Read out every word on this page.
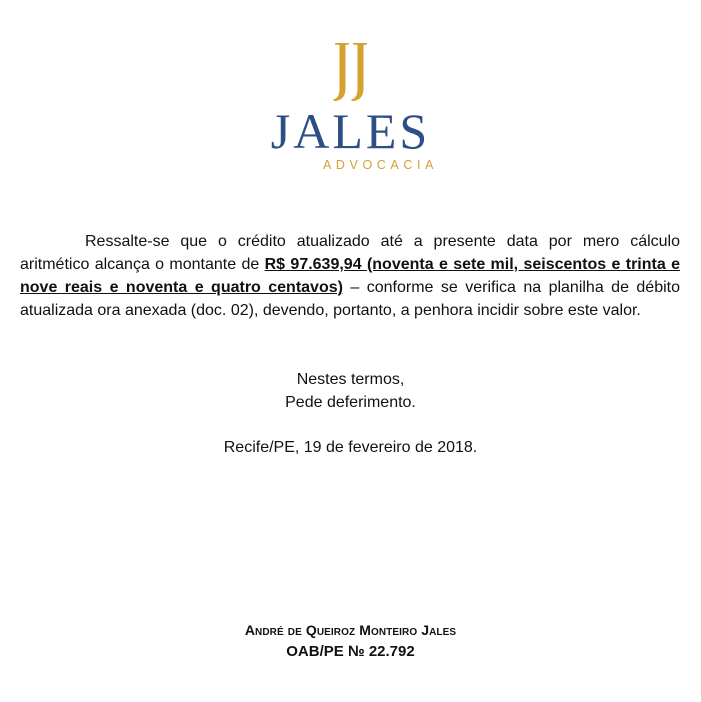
JALES
ADVOCACIA
Ressalte-se que o crédito atualizado até a presente data por mero cálculo aritmético alcança o montante de R$ 97.639,94 (noventa e sete mil, seiscentos e trinta e nove reais e noventa e quatro centavos) – conforme se verifica na planilha de débito atualizada ora anexada (doc. 02), devendo, portanto, a penhora incidir sobre este valor.
Nestes termos,
Pede deferimento.
Recife/PE, 19 de fevereiro de 2018.
André de Queiroz Monteiro Jales
OAB/PE № 22.792
